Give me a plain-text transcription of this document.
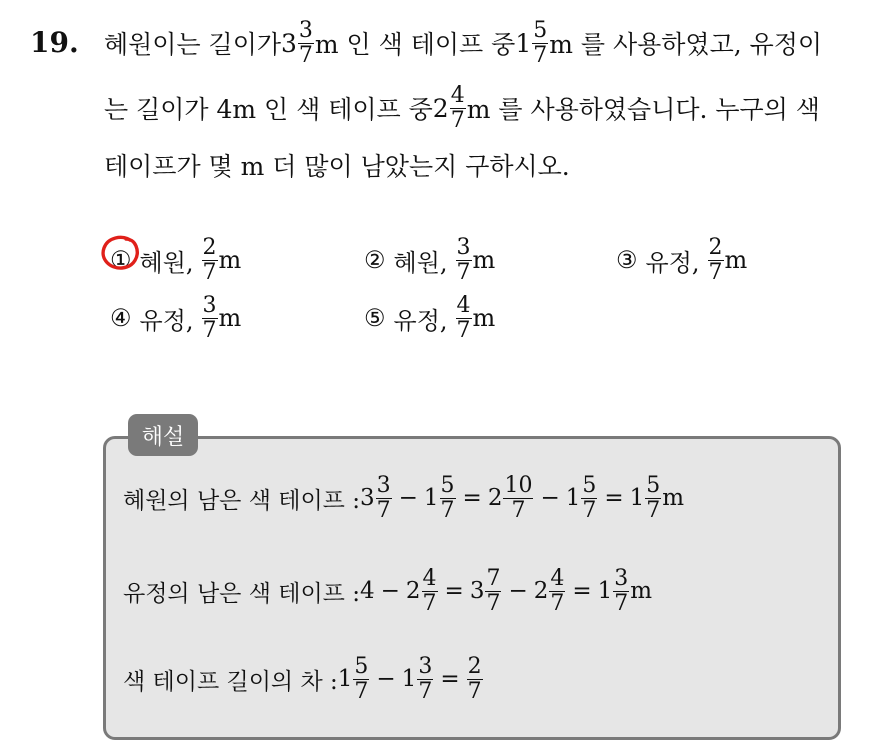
19. 혜원이는 길이가 $3 \frac{3}{7}$ m 인 색 테이프 중 $1 \frac{5}{7}$ m 를 사용하였고, 유정이
는 길이가 4m 인 색 테이프 중 $2 \frac{4}{7}$ m 를 사용하였습니다. 누구의 색
테이프가 몇 m 더 많이 남았는지 구하시오.
① 혜원, $\frac{2}{7}$ m	② 혜원, $\frac{3}{7}$ m	③ 유정, $\frac{2}{7}$ m
④ 유정, $\frac{3}{7}$ m	⑤ 유정, $\frac{4}{7}$ m
해설
혜원의 남은 색 테이프 : $3 \frac{3}{7} - 1 \frac{5}{7} = 2 \frac{10}{7} - 1 \frac{5}{7} = 1 \frac{5}{7}$ m
유정의 남은 색 테이프 : $4 - 2 \frac{4}{7} = 3 \frac{7}{7} - 2 \frac{4}{7} = 1 \frac{3}{7}$ m
색 테이프 길이의 차 : $1 \frac{5}{7} - 1 \frac{3}{7} = \frac{2}{7}$
